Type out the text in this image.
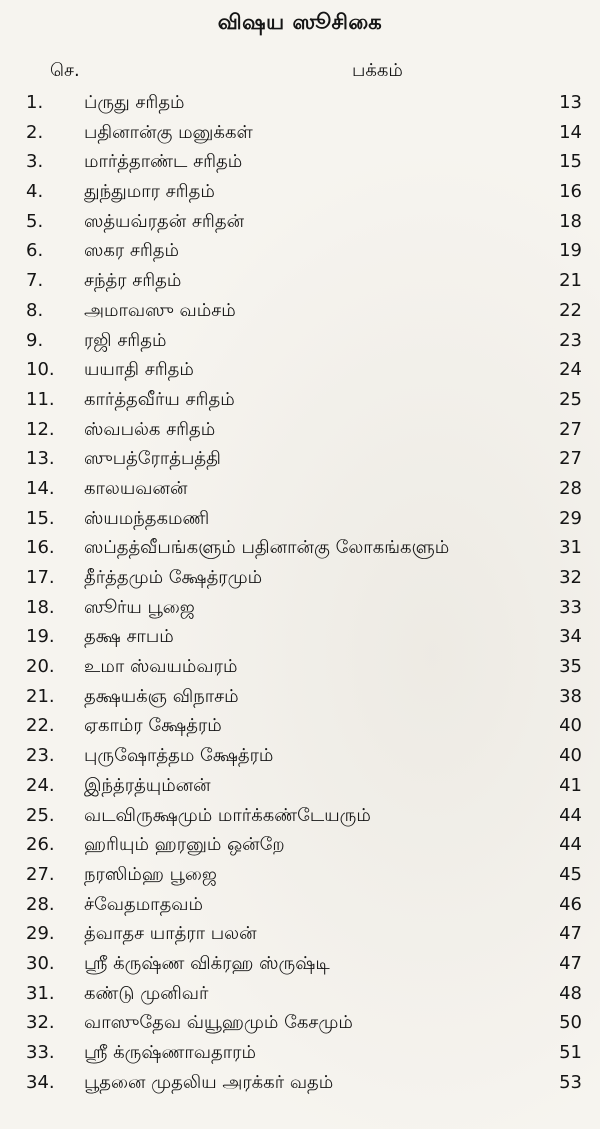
விஷய ஸூசிகை
செ.	பக்கம்
1.	ப்ருது சரிதம்	13
2.	பதினான்கு மனுக்கள்	14
3.	மார்த்தாண்ட சரிதம்	15
4.	துந்துமார சரிதம்	16
5.	ஸத்யவ்ரதன் சரிதன்	18
6.	ஸகர சரிதம்	19
7.	சந்த்ர சரிதம்	21
8.	அமாவஸு வம்சம்	22
9.	ரஜி சரிதம்	23
10.	யயாதி சரிதம்	24
11.	கார்த்தவீர்ய சரிதம்	25
12.	ஸ்வபல்க சரிதம்	27
13.	ஸுபத்ரோத்பத்தி	27
14.	காலயவனன்	28
15.	ஸ்யமந்தகமணி	29
16.	ஸப்தத்வீபங்களும் பதினான்கு லோகங்களும்	31
17.	தீர்த்தமும் க்ஷேத்ரமும்	32
18.	ஸூர்ய பூஜை	33
19.	தக்ஷ சாபம்	34
20.	உமா ஸ்வயம்வரம்	35
21.	தக்ஷயக்ஞ விநாசம்	38
22.	ஏகாம்ர க்ஷேத்ரம்	40
23.	புருஷோத்தம க்ஷேத்ரம்	40
24.	இந்த்ரத்யும்னன்	41
25.	வடவிருக்ஷமும் மார்க்கண்டேயரும்	44
26.	ஹரியும் ஹரனும் ஒன்றே	44
27.	நரஸிம்ஹ பூஜை	45
28.	ச்வேதமாதவம்	46
29.	த்வாதச யாத்ரா பலன்	47
30.	ஸ்ரீ க்ருஷ்ண விக்ரஹ ஸ்ருஷ்டி	47
31.	கண்டு முனிவர்	48
32.	வாஸுதேவ வ்யூஹமும் கேசமும்	50
33.	ஸ்ரீ க்ருஷ்ணாவதாரம்	51
34.	பூதனை முதலிய அரக்கர் வதம்	53
